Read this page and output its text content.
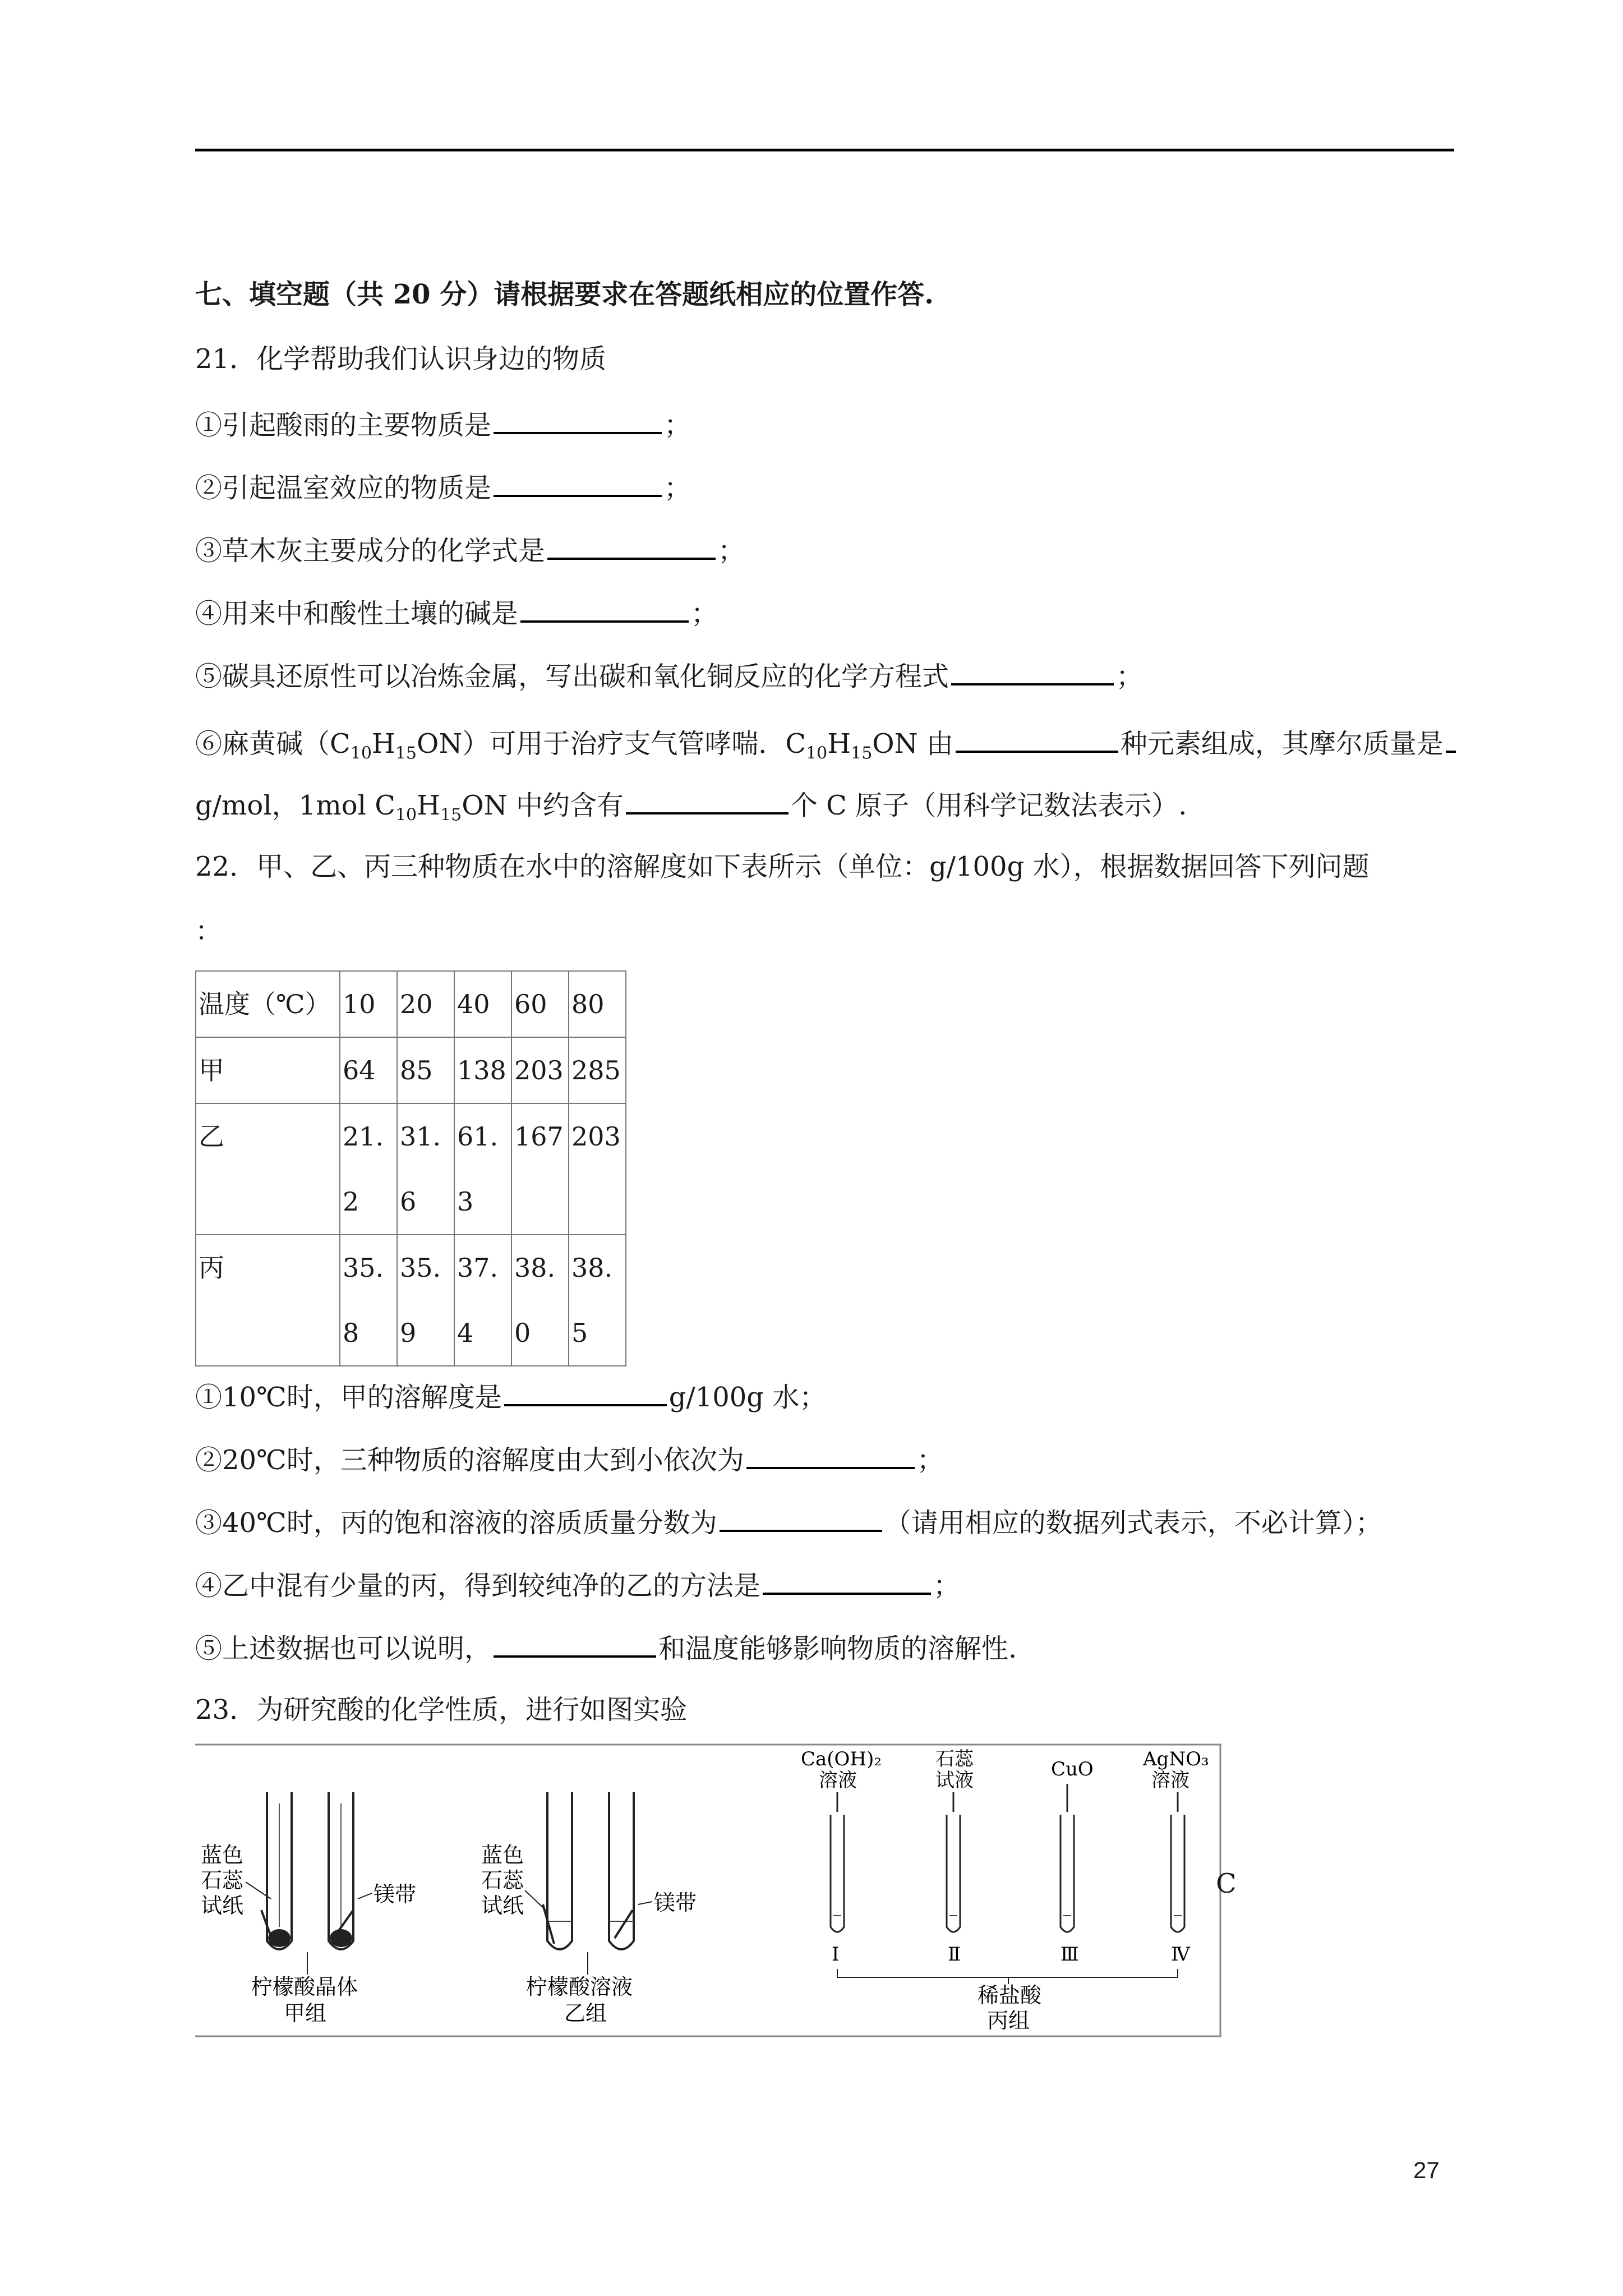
七、填空题（共 20 分）请根据要求在答题纸相应的位置作答.
21．化学帮助我们认识身边的物质
①引起酸雨的主要物质是	；
②引起温室效应的物质是	；
③草木灰主要成分的化学式是	；
④用来中和酸性土壤的碱是	；
⑤碳具还原性可以冶炼金属，写出碳和氧化铜反应的化学方程式	；
⑥麻黄碱$(C_{10}H_{15}ON)$可用于治疗支气管哮喘．$C_{10}H_{15}ON$ 由	种元素组成，其摩尔质量是
g/mol，1mol $C_{10}H_{15}ON$ 中约含有	个 C 原子（用科学记数法表示）.
22．甲、乙、丙三种物质在水中的溶解度如下表所示（单位：g/100g 水），根据数据回答下列问题
：
温度（℃）	10	20	40	60	80
甲	64	85	138	203	285
乙	21.2	31.6	61.3	167	203
丙	35.8	35.9	37.4	38.0	38.5
①10℃时，甲的溶解度是	g/100g 水；
②20℃时，三种物质的溶解度由大到小依次为	；
③40℃时，丙的饱和溶液的溶质质量分数为	（请用相应的数据列式表示，不必计算）；
④乙中混有少量的丙，得到较纯净的乙的方法是	；
⑤上述数据也可以说明，	和温度能够影响物质的溶解性.
23．为研究酸的化学性质，进行如图实验
蓝色
石蕊
试纸	镁带
柠檬酸晶体
甲组
蓝色
石蕊
试纸	镁带
柠檬酸溶液
乙组
Ca(OH)₂
溶液
石蕊
试液	CuO	AgNO₃
溶液
Ⅰ	Ⅱ	Ⅲ	Ⅳ
稀盐酸
丙组
C
27
